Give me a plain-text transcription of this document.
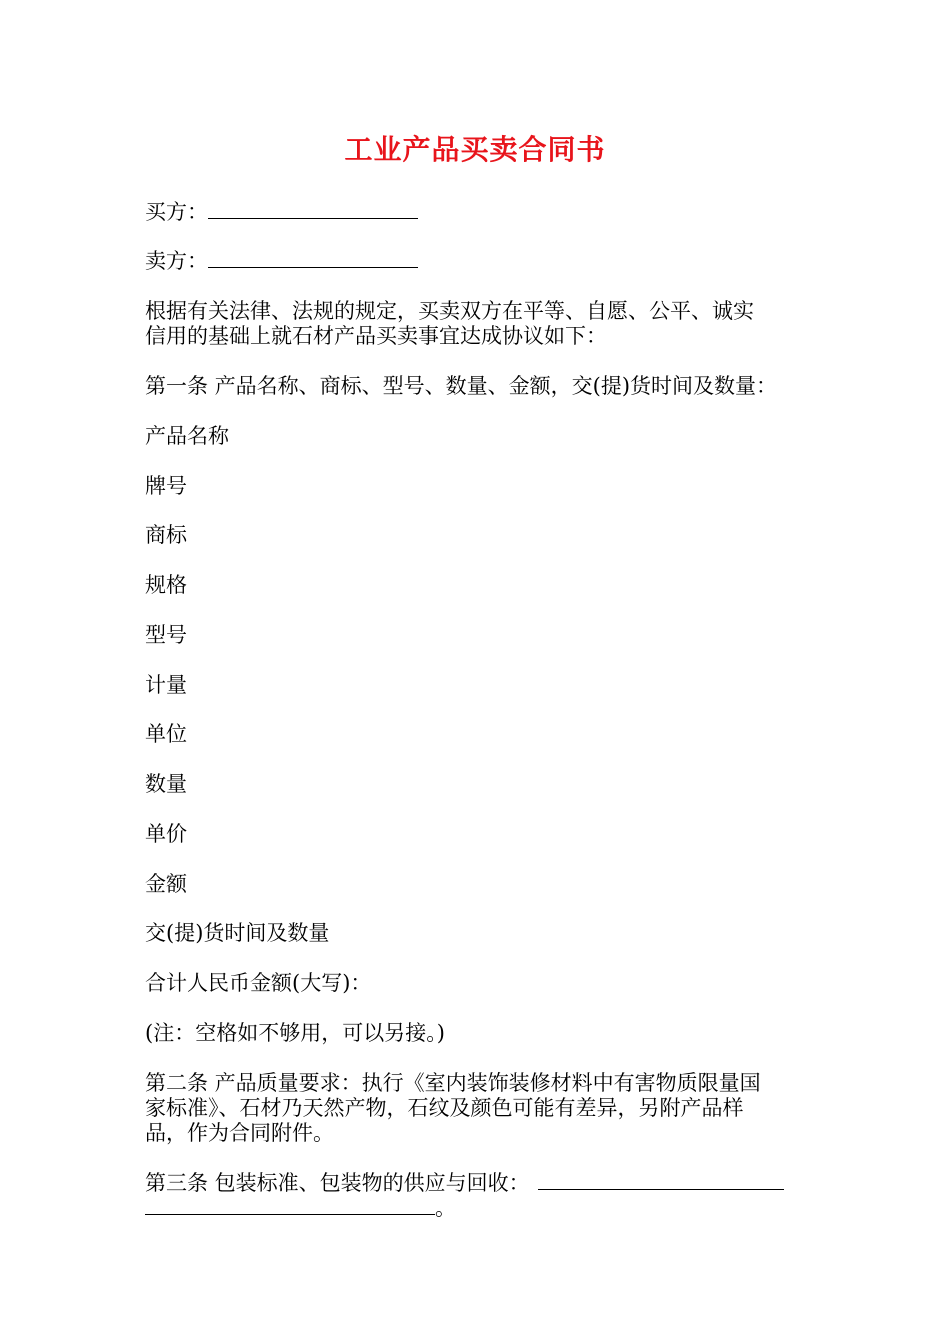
工业产品买卖合同书
买方：
卖方：
根据有关法律、法规的规定，买卖双方在平等、自愿、公平、诚实
信用的基础上就石材产品买卖事宜达成协议如下：
第一条 产品名称、商标、型号、数量、金额，交(提)货时间及数量：
产品名称
牌号
商标
规格
型号
计量
单位
数量
单价
金额
交(提)货时间及数量
合计人民币金额(大写)：
(注：空格如不够用，可以另接。)
第二条 产品质量要求：执行《室内装饰装修材料中有害物质限量国
家标准》、石材乃天然产物，石纹及颜色可能有差异，另附产品样
品，作为合同附件。
第三条 包装标准、包装物的供应与回收：
。
